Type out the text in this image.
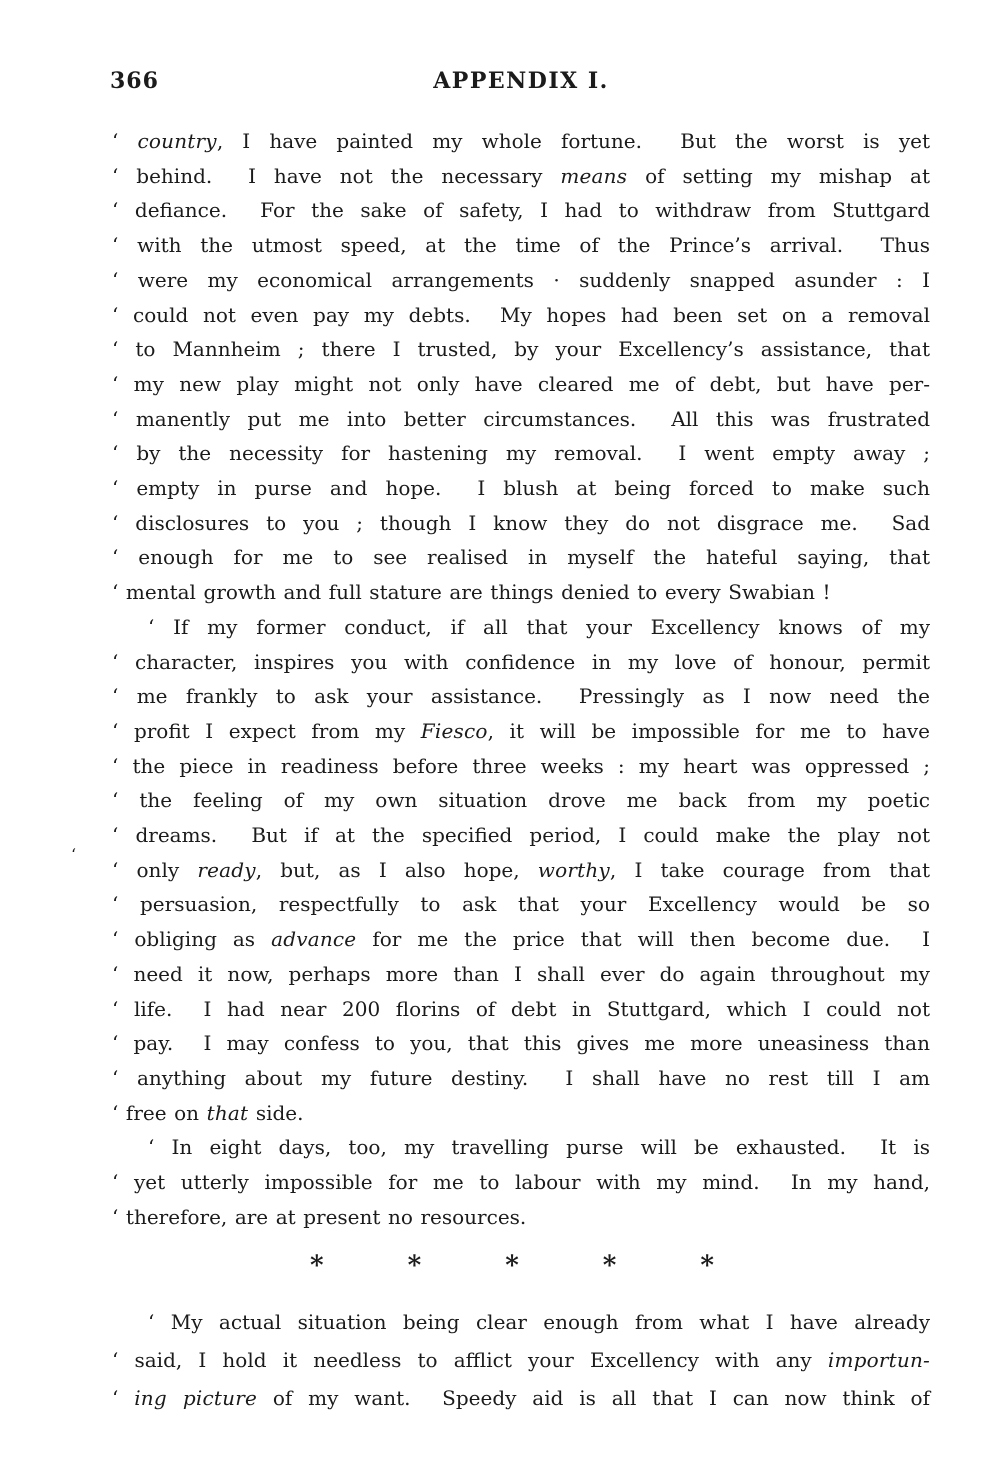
366	APPENDIX I.
‘
‘ country, I have painted my whole fortune.  But the worst is yet
‘ behind.  I have not the necessary means of setting my mishap at
‘ defiance.  For the sake of safety, I had to withdraw from Stuttgard
‘ with the utmost speed, at the time of the Prince’s arrival.  Thus
‘ were my economical arrangements · suddenly snapped asunder : I
‘ could not even pay my debts.  My hopes had been set on a removal
‘ to Mannheim ; there I trusted, by your Excellency’s assistance, that
‘ my new play might not only have cleared me of debt, but have per-
‘ manently put me into better circumstances.  All this was frustrated
‘ by the necessity for hastening my removal.  I went empty away ;
‘ empty in purse and hope.  I blush at being forced to make such
‘ disclosures to you ; though I know they do not disgrace me.  Sad
‘ enough for me to see realised in myself the hateful saying, that
‘ mental growth and full stature are things denied to every Swabian !
‘ If my former conduct, if all that your Excellency knows of my
‘ character, inspires you with confidence in my love of honour, permit
‘ me frankly to ask your assistance.  Pressingly as I now need the
‘ profit I expect from my Fiesco, it will be impossible for me to have
‘ the piece in readiness before three weeks : my heart was oppressed ;
‘ the feeling of my own situation drove me back from my poetic
‘ dreams.  But if at the specified period, I could make the play not
‘ only ready, but, as I also hope, worthy, I take courage from that
‘ persuasion, respectfully to ask that your Excellency would be so
‘ obliging as advance for me the price that will then become due.  I
‘ need it now, perhaps more than I shall ever do again throughout my
‘ life.  I had near 200 florins of debt in Stuttgard, which I could not
‘ pay.  I may confess to you, that this gives me more uneasiness than
‘ anything about my future destiny.  I shall have no rest till I am
‘ free on that side.
‘ In eight days, too, my travelling purse will be exhausted.  It is
‘ yet utterly impossible for me to labour with my mind.  In my hand,
‘ therefore, are at present no resources.
*	*	*	*	*
‘ My actual situation being clear enough from what I have already
‘ said, I hold it needless to afflict your Excellency with any importun-
‘ ing picture of my want.  Speedy aid is all that I can now think of
